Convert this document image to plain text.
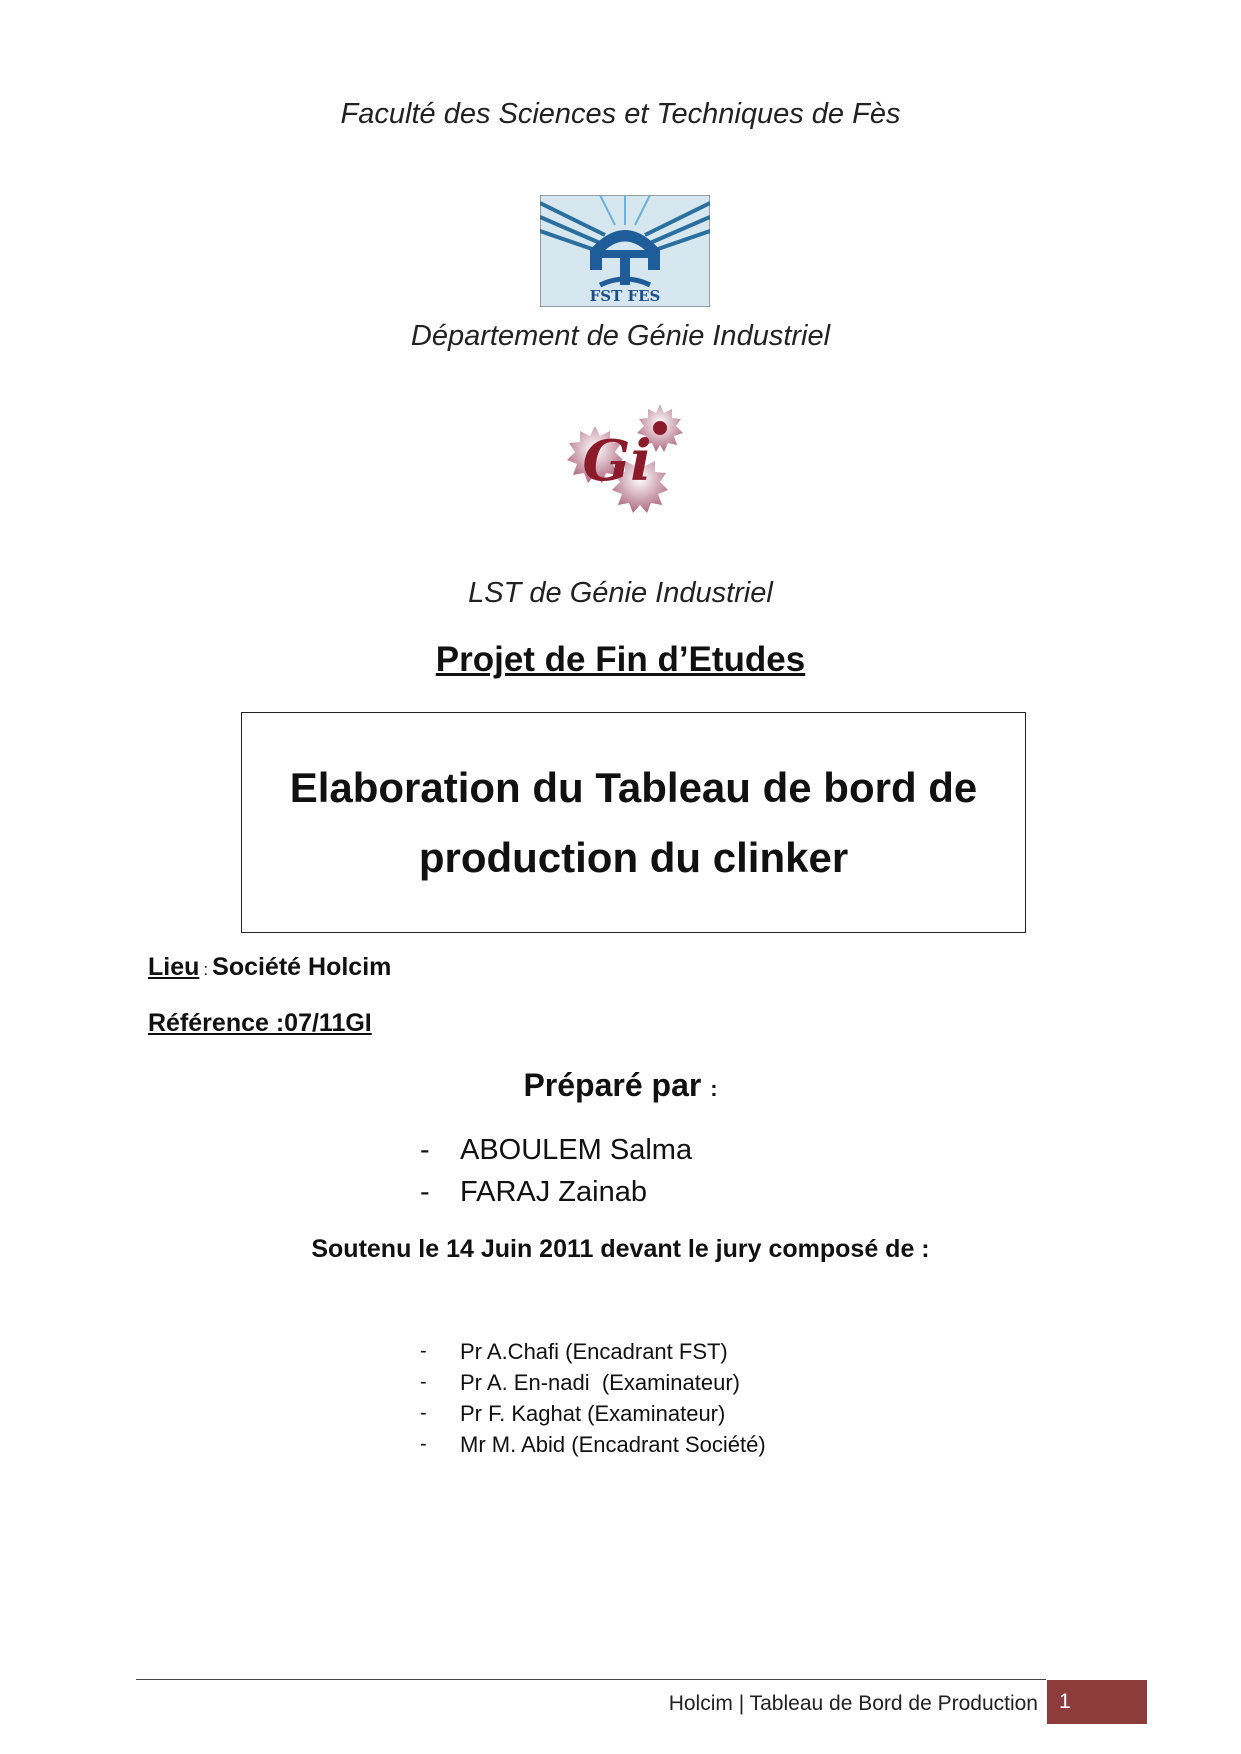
Faculté des Sciences et Techniques de Fès
FST FES
Département de Génie Industriel
Gi
LST de Génie Industriel
Projet de Fin d’Etudes
Elaboration du Tableau de bord de production du clinker
Lieu : Société Holcim
Référence :07/11GI
Préparé par :
-	ABOULEM Salma
-	FARAJ Zainab
Soutenu le 14 Juin 2011 devant le jury composé de :
-	Pr A.Chafi (Encadrant FST)
-	Pr A. En-nadi  (Examinateur)
-	Pr F. Kaghat (Examinateur)
-	Mr M. Abid (Encadrant Société)
Holcim | Tableau de Bord de Production 1
